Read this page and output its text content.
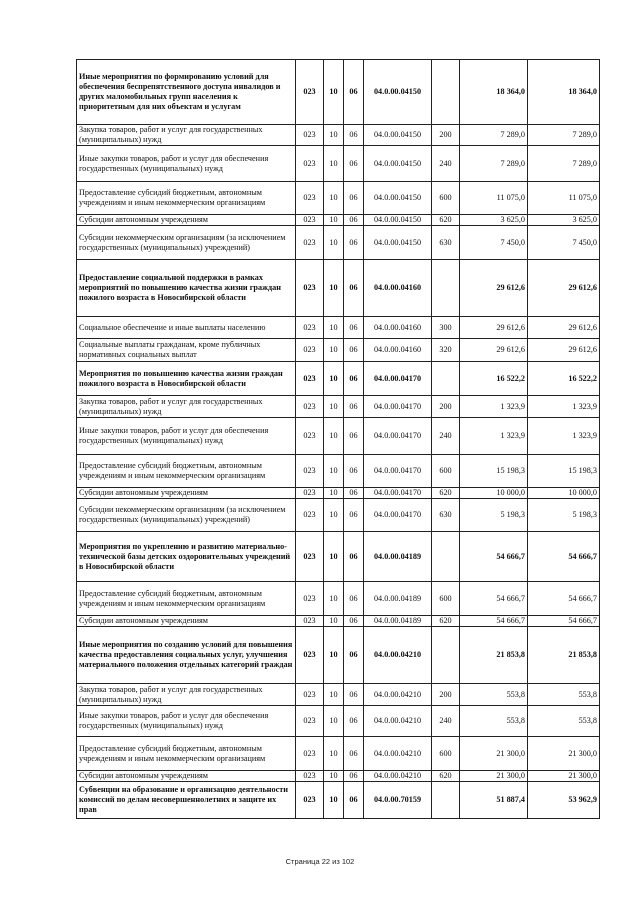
Иные мероприятия по формированию условий для обеспечения беспрепятственного доступа инвалидов и других маломобильных групп населения к приоритетным для них объектам и услугам	023	10	06	04.0.00.04150		18 364,0	18 364,0
Закупка товаров, работ и услуг для государственных (муниципальных) нужд	023	10	06	04.0.00.04150	200	7 289,0	7 289,0
Иные закупки товаров, работ и услуг для обеспечения государственных (муниципальных) нужд	023	10	06	04.0.00.04150	240	7 289,0	7 289,0
Предоставление субсидий бюджетным, автономным учреждениям и иным некоммерческим организациям	023	10	06	04.0.00.04150	600	11 075,0	11 075,0
Субсидии автономным учреждениям	023	10	06	04.0.00.04150	620	3 625,0	3 625,0
Субсидии некоммерческим организациям (за исключением государственных (муниципальных) учреждений)	023	10	06	04.0.00.04150	630	7 450,0	7 450,0
Предоставление социальной поддержки в рамках мероприятий по повышению качества жизни граждан пожилого возраста в Новосибирской области	023	10	06	04.0.00.04160		29 612,6	29 612,6
Социальное обеспечение и иные выплаты населению	023	10	06	04.0.00.04160	300	29 612,6	29 612,6
Социальные выплаты гражданам, кроме публичных нормативных социальных выплат	023	10	06	04.0.00.04160	320	29 612,6	29 612,6
Мероприятия по повышению качества жизни граждан пожилого возраста в Новосибирской области	023	10	06	04.0.00.04170		16 522,2	16 522,2
Закупка товаров, работ и услуг для государственных (муниципальных) нужд	023	10	06	04.0.00.04170	200	1 323,9	1 323,9
Иные закупки товаров, работ и услуг для обеспечения государственных (муниципальных) нужд	023	10	06	04.0.00.04170	240	1 323,9	1 323,9
Предоставление субсидий бюджетным, автономным учреждениям и иным некоммерческим организациям	023	10	06	04.0.00.04170	600	15 198,3	15 198,3
Субсидии автономным учреждениям	023	10	06	04.0.00.04170	620	10 000,0	10 000,0
Субсидии некоммерческим организациям (за исключением государственных (муниципальных) учреждений)	023	10	06	04.0.00.04170	630	5 198,3	5 198,3
Мероприятия по укреплению и развитию материально-технической базы детских оздоровительных учреждений в Новосибирской области	023	10	06	04.0.00.04189		54 666,7	54 666,7
Предоставление субсидий бюджетным, автономным учреждениям и иным некоммерческим организациям	023	10	06	04.0.00.04189	600	54 666,7	54 666,7
Субсидии автономным учреждениям	023	10	06	04.0.00.04189	620	54 666,7	54 666,7
Иные мероприятия по созданию условий для повышения качества предоставления социальных услуг, улучшения материального положения отдельных категорий граждан	023	10	06	04.0.00.04210		21 853,8	21 853,8
Закупка товаров, работ и услуг для государственных (муниципальных) нужд	023	10	06	04.0.00.04210	200	553,8	553,8
Иные закупки товаров, работ и услуг для обеспечения государственных (муниципальных) нужд	023	10	06	04.0.00.04210	240	553,8	553,8
Предоставление субсидий бюджетным, автономным учреждениям и иным некоммерческим организациям	023	10	06	04.0.00.04210	600	21 300,0	21 300,0
Субсидии автономным учреждениям	023	10	06	04.0.00.04210	620	21 300,0	21 300,0
Субвенции на образование и организацию деятельности комиссий по делам несовершеннолетних и защите их прав	023	10	06	04.0.00.70159		51 887,4	53 962,9
Страница 22 из 102
